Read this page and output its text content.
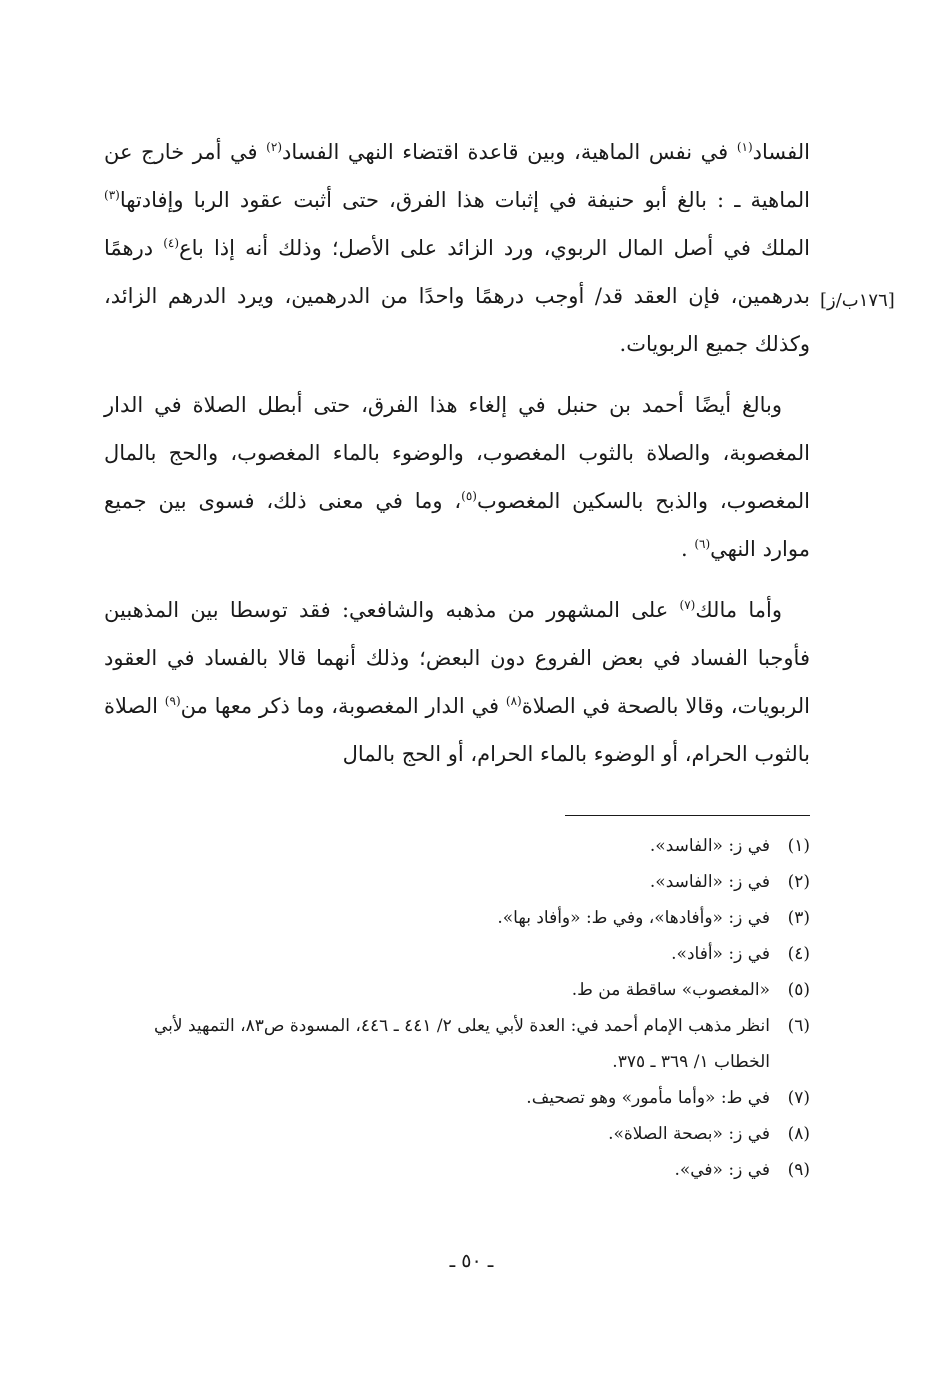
الفساد$^{(١)}$ في نفس الماهية، وبين قاعدة اقتضاء النهي الفساد$^{(٢)}$ في أمر خارج عن الماهية ـ : بالغ أبو حنيفة في إثبات هذا الفرق، حتى أثبت عقود الربا وإفادتها$^{(٣)}$ الملك في أصل المال الربوي، ورد الزائد على الأصل؛ وذلك أنه إذا باع$^{(٤)}$ درهمًا بدرهمين، فإن العقد قد/ أوجب درهمًا واحدًا من الدرهمين، ويرد الدرهم الزائد، وكذلك جميع الربويات.

وبالغ أيضًا أحمد بن حنبل في إلغاء هذا الفرق، حتى أبطل الصلاة في الدار المغصوبة، والصلاة بالثوب المغصوب، والوضوء بالماء المغصوب، والحج بالمال المغصوب، والذبح بالسكين المغصوب$^{(٥)}$، وما في معنى ذلك، فسوى بين جميع موارد النهي$^{(٦)}$ .

وأما مالك$^{(٧)}$ على المشهور من مذهبه والشافعي: فقد توسطا بين المذهبين فأوجبا الفساد في بعض الفروع دون البعض؛ وذلك أنهما قالا بالفساد في العقود الربويات، وقالا بالصحة في الصلاة$^{(٨)}$ في الدار المغصوبة، وما ذكر معها من$^{(٩)}$ الصلاة بالثوب الحرام، أو الوضوء بالماء الحرام، أو الحج بالمال

[١٧٦ب/ز]
(١)
في ز: «الفاسد».
(٢)
في ز: «الفاسد».
(٣)
في ز: «وأفادها»، وفي ط: «وأفاد بها».
(٤)
في ز: «أفاد».
(٥)
«المغصوب» ساقطة من ط.
(٦)
انظر مذهب الإمام أحمد في: العدة لأبي يعلى ٢/ ٤٤١ ـ ٤٤٦، المسودة ص٨٣، التمهيد لأبي الخطاب ١/ ٣٦٩ ـ ٣٧٥.
(٧)
في ط: «وأما مأمور» وهو تصحيف.
(٨)
في ز: «بصحة الصلاة».
(٩)
في ز: «في».
ـ ٥٠ ـ
